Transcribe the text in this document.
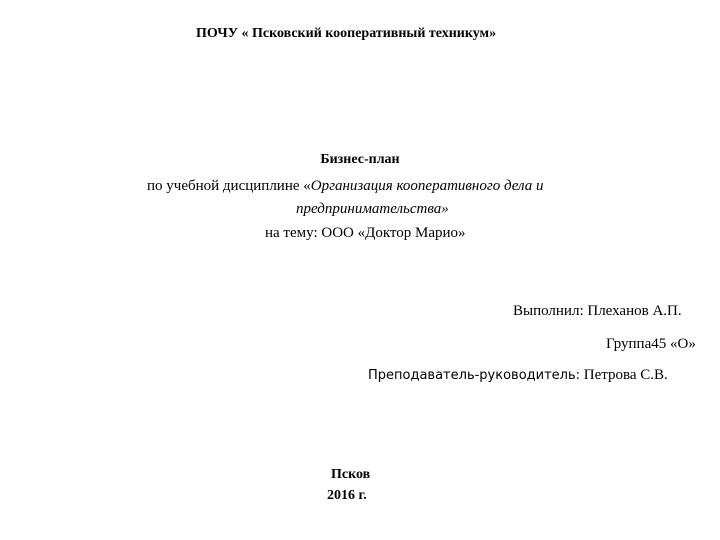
ПОЧУ « Псковский кооперативный техникум»
Бизнес-план
по учебной дисциплине «Организация кооперативного дела и
предпринимательства»
на тему: ООО «Доктор Марио»
Выполнил: Плеханов А.П.
Группа45 «О»
Преподаватель-руководитель: Петрова С.В.
Псков
2016 г.
